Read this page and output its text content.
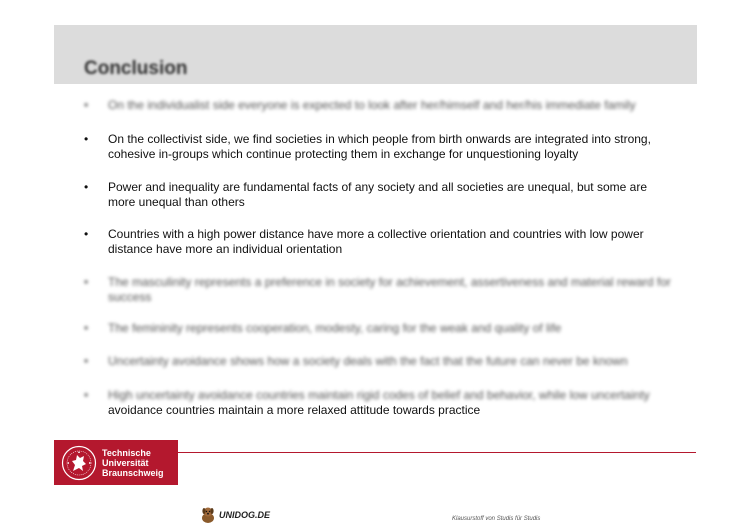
Conclusion
•	On the individualist side everyone is expected to look after her/himself and her/his immediate family
•	On the collectivist side, we find societies in which people from birth onwards are integrated into strong, cohesive in-groups which continue protecting them in exchange for unquestioning loyalty
•	Power and inequality are fundamental facts of any society and all societies are unequal, but some are more unequal than others
•	Countries with a high power distance have more a collective orientation and countries with low power distance have more an individual orientation
•	The masculinity represents a preference in society for achievement, assertiveness and material reward for success
•	The femininity represents cooperation, modesty, caring for the weak and quality of life
•	Uncertainty avoidance shows how a society deals with the fact that the future can never be known
•	High uncertainty avoidance countries maintain rigid codes of belief and behavior, while low uncertainty
avoidance countries maintain a more relaxed attitude towards practice
Technische
Universität
Braunschweig
UNIDOG.DE	Klausurstoff von Studis für Studis
